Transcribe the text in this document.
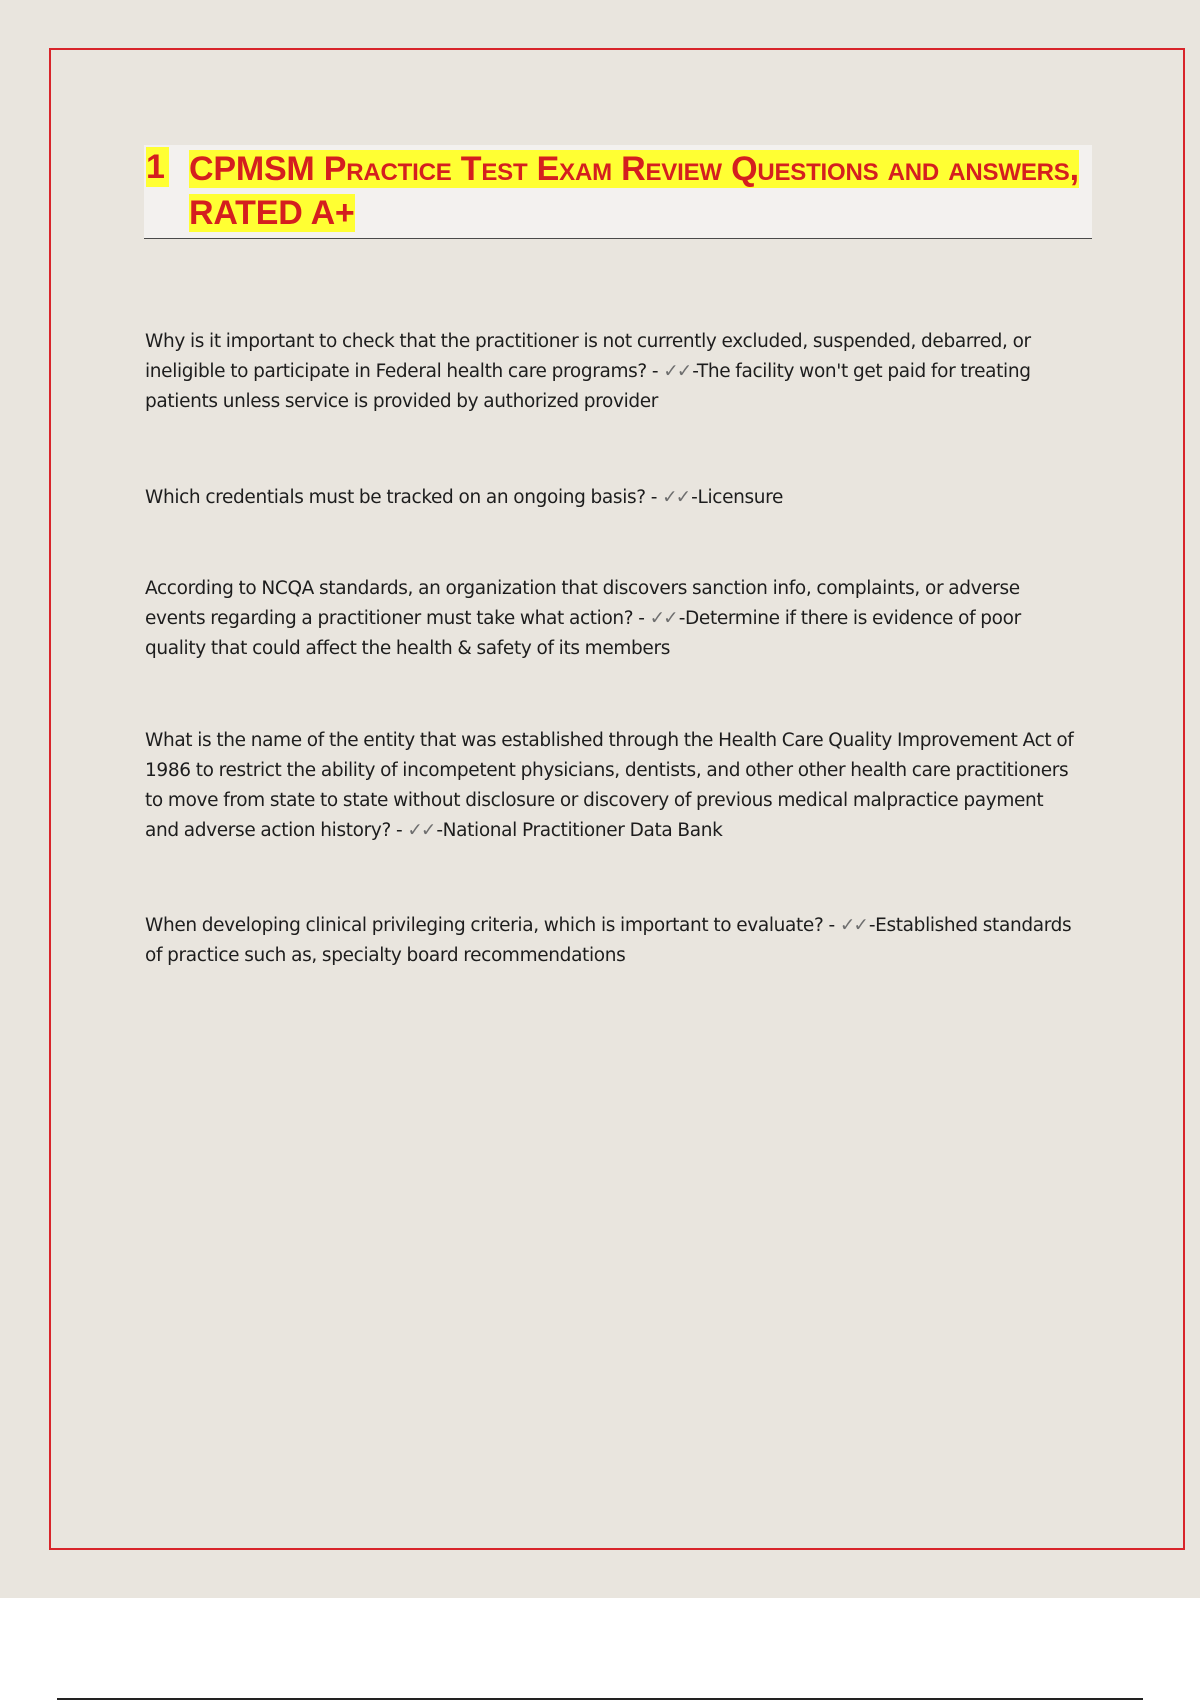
1 CPMSM Practice Test Exam Review Questions and answers, RATED A+
Why is it important to check that the practitioner is not currently excluded, suspended, debarred, or ineligible to participate in Federal health care programs? - ✓✓ -The facility won't get paid for treating patients unless service is provided by authorized provider
Which credentials must be tracked on an ongoing basis? - ✓✓ -Licensure
According to NCQA standards, an organization that discovers sanction info, complaints, or adverse events regarding a practitioner must take what action? - ✓✓ -Determine if there is evidence of poor quality that could affect the health & safety of its members
What is the name of the entity that was established through the Health Care Quality Improvement Act of 1986 to restrict the ability of incompetent physicians, dentists, and other other health care practitioners to move from state to state without disclosure or discovery of previous medical malpractice payment and adverse action history? - ✓✓ -National Practitioner Data Bank
When developing clinical privileging criteria, which is important to evaluate? - ✓✓ -Established standards of practice such as, specialty board recommendations
